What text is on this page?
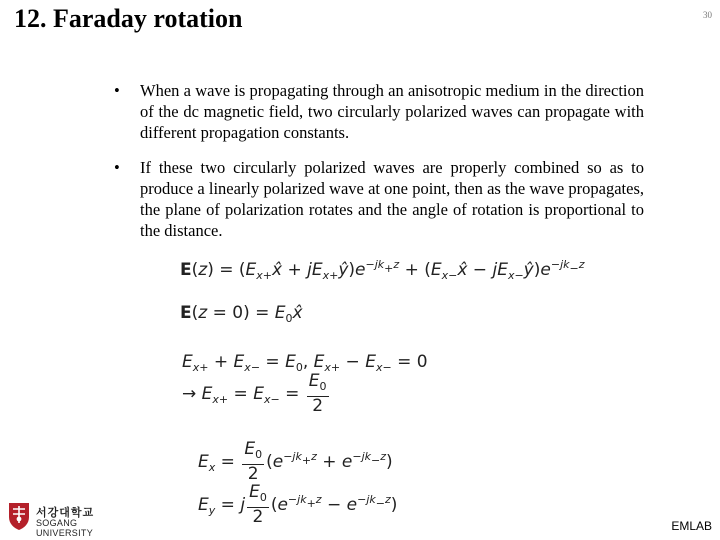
12. Faraday rotation	30
• When a wave is propagating through an anisotropic medium in the direction of the dc magnetic field, two circularly polarized waves can propagate with different propagation constants.
• If these two circularly polarized waves are properly combined so as to produce a linearly polarized wave at one point, then as the wave propagates, the plane of polarization rotates and the angle of rotation is proportional to the distance.
$E(z) = (E_{x+}x̂$ + $jE_{x+}ŷ)e^{-jk_+z}$ + ($E_{x-}x̂$ − $jE_{x-}ŷ)e^{-jk_-z}$
$E(z = 0) = E_0x̂$
$E_{x+} + E_{x-} = E_0$, $E_{x+} - E_{x-} = 0$
→ $E_{x+} = E_{x-} = \frac{E_0}{2}$
$E_x = \frac{E_0}{2} (e^{-jk_+z} + e^{-jk_-z})$
$E_y = j \frac{E_0}{2} (e^{-jk_+z} - e^{-jk_-z})$
서강대학교
SOGANG UNIVERSITY	EMLAB
